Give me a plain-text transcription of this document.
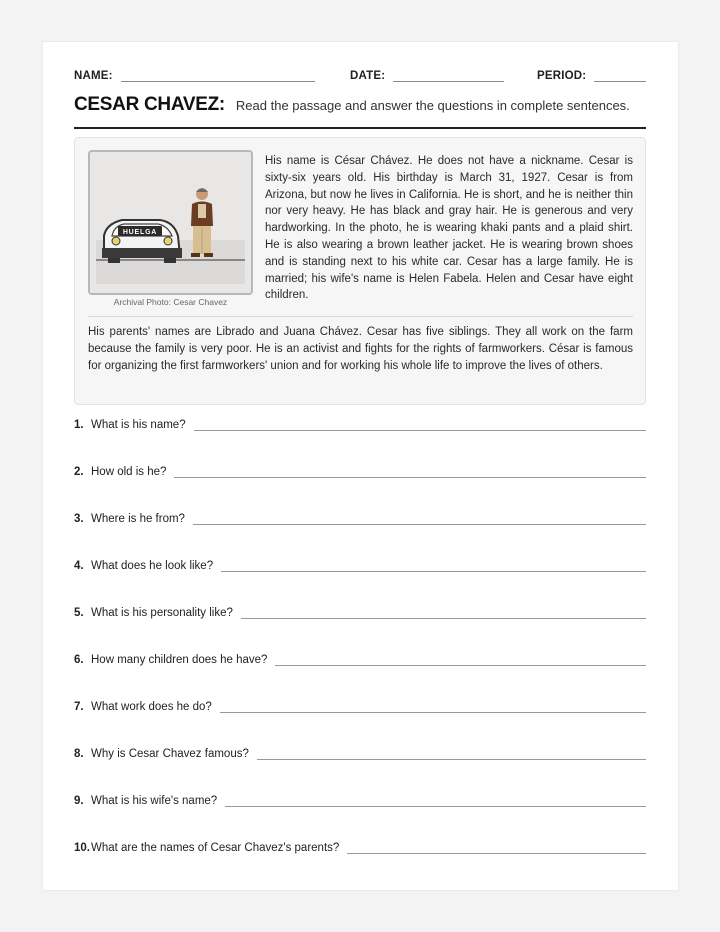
NAME:	DATE:	PERIOD:
CESAR CHAVEZ: Read the passage and answer the questions in complete sentences.
HUELGA
Archival Photo: Cesar Chavez
His name is César Chávez. He does not have a nickname. Cesar is sixty-six years old. His birthday is March 31, 1927. Cesar is from Arizona, but now he lives in California. He is short, and he is neither thin nor very heavy. He has black and gray hair. He is generous and very hardworking. In the photo, he is wearing khaki pants and a plaid shirt. He is also wearing a brown leather jacket. He is wearing brown shoes and is standing next to his white car. Cesar has a large family. He is married; his wife's name is Helen Fabela. Helen and Cesar have eight children.
His parents' names are Librado and Juana Chávez. Cesar has five siblings. They all work on the farm because the family is very poor. He is an activist and fights for the rights of farmworkers. César is famous for organizing the first farmworkers' union and for working his whole life to improve the lives of others.
1. What is his name?
2. How old is he?
3. Where is he from?
4. What does he look like?
5. What is his personality like?
6. How many children does he have?
7. What work does he do?
8. Why is Cesar Chavez famous?
9. What is his wife's name?
10. What are the names of Cesar Chavez's parents?
